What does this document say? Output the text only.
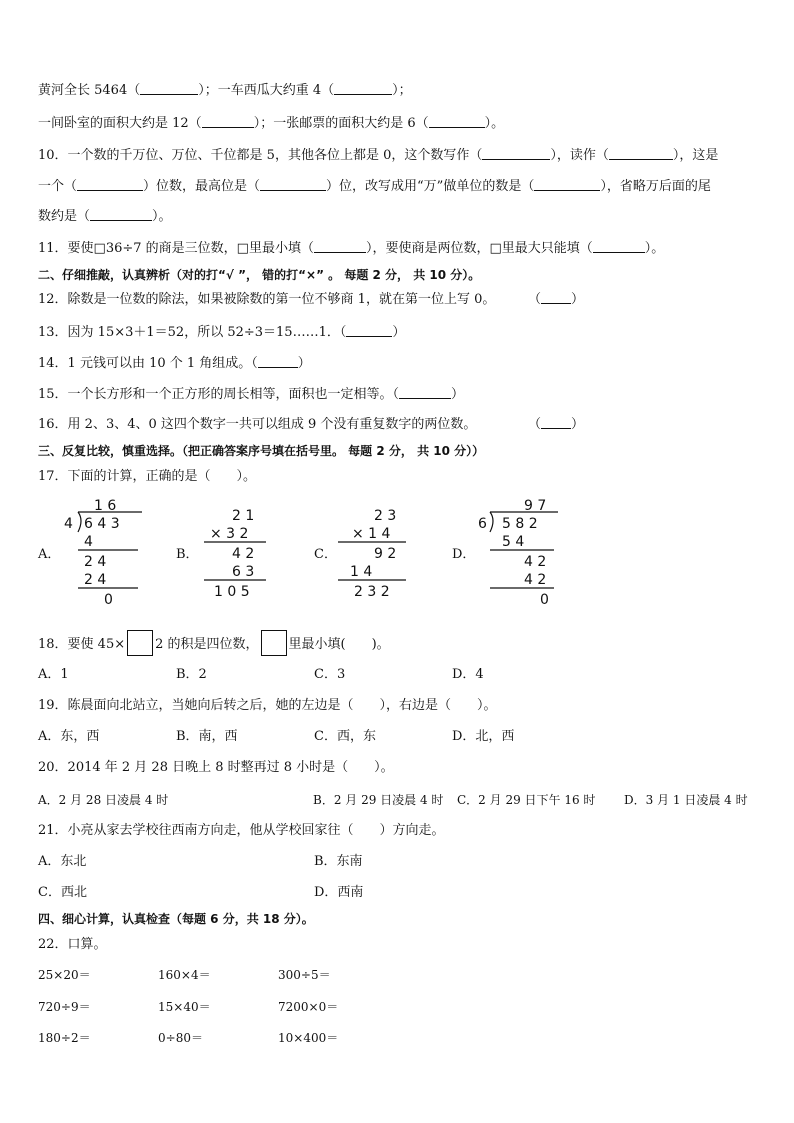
黄河全长 5464（	）；一车西瓜大约重 4（	）；
一间卧室的面积大约是 12（	）；一张邮票的面积大约是 6（	）。
10．一个数的千万位、万位、千位都是 5，其他各位上都是 0，这个数写作（	），读作（	），这是
一个（	）位数，最高位是（	）位，改写成用“万”做单位的数是（	），省略万后面的尾
数约是（	）。
11．要使□36÷7 的商是三位数，□里最小填（	），要使商是两位数，□里最大只能填（	）。
二、仔细推敲，认真辨析（对的打“√ ”， 错的打“×” 。 每题 2 分， 共 10 分）。
12．除数是一位数的除法，如果被除数的第一位不够商 1，就在第一位上写 0。	（ ）
13．因为 15×3＋1＝52，所以 52÷3＝15……1．（	）
14．1 元钱可以由 10 个 1 角组成。（	）
15．一个长方形和一个正方形的周长相等，面积也一定相等。（	）
16．用 2、3、4、0 这四个数字一共可以组成 9 个没有重复数字的两位数。	（ ）
三、反复比较，慎重选择。（把正确答案序号填在括号里。 每题 2 分， 共 10 分））
17．下面的计算，正确的是（　　）。
A．
1 6
4 6 4 3
4
2 4
2 4
0
B．
2 1
× 3 2
4 2
6 3
1 0 5
C．
2 3
× 1 4
9 2
1 4
2 3 2
D．
9 7
6 5 8 2
5 4
4 2
4 2
0
18．要使 45× 2 的积是四位数， 里最小填(　　)。
A．1	B．2	C．3	D．4
19．陈晨面向北站立，当她向后转之后，她的左边是（　　），右边是（　　）。
A．东，西	B．南，西	C．西，东	D．北，西
20．2014 年 2 月 28 日晚上 8 时整再过 8 小时是（　　）。
A．2 月 28 日凌晨 4 时	B．2 月 29 日凌晨 4 时 C．2 月 29 日下午 16 时 D．3 月 1 日凌晨 4 时
21．小亮从家去学校往西南方向走，他从学校回家往（　　）方向走。
A．东北	B．东南
C．西北	D．西南
四、细心计算，认真检查（每题 6 分，共 18 分）。
22．口算。
25×20＝	160×4＝	300÷5＝
720÷9＝	15×40＝	7200×0＝
180÷2＝	0÷80＝	10×400＝
